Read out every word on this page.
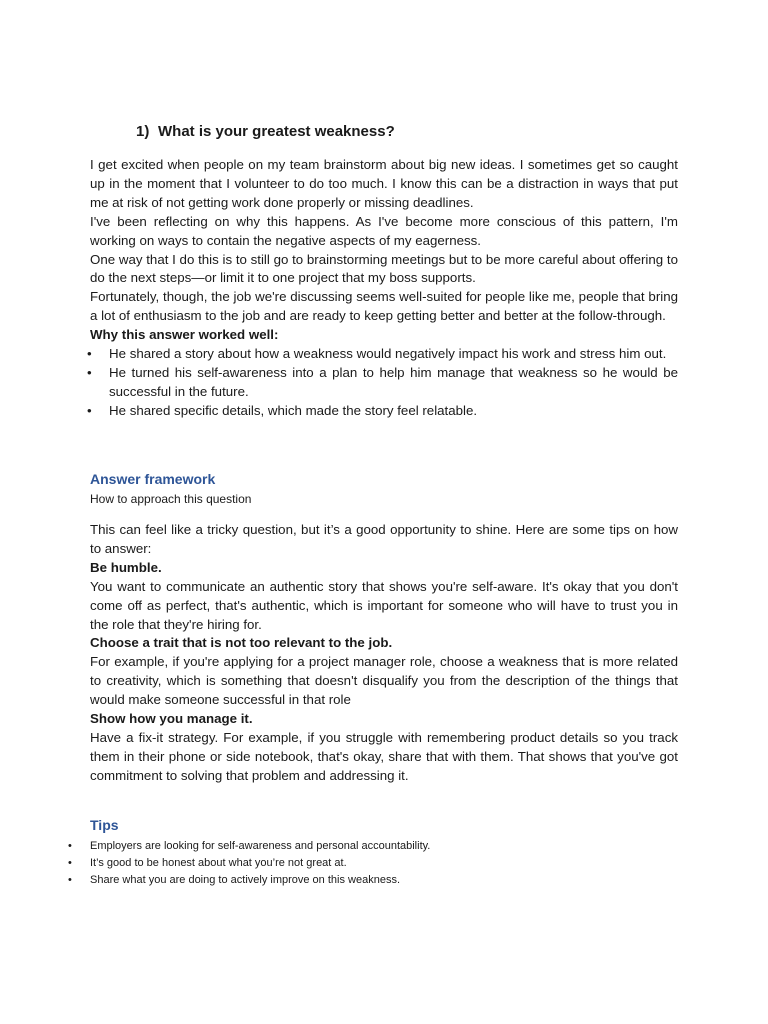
1) What is your greatest weakness?

I get excited when people on my team brainstorm about big new ideas. I sometimes get so caught up in the moment that I volunteer to do too much. I know this can be a distraction in ways that put me at risk of not getting work done properly or missing deadlines.

I've been reflecting on why this happens. As I've become more conscious of this pattern, I'm working on ways to contain the negative aspects of my eagerness.

One way that I do this is to still go to brainstorming meetings but to be more careful about offering to do the next steps—or limit it to one project that my boss supports.

Fortunately, though, the job we're discussing seems well-suited for people like me, people that bring a lot of enthusiasm to the job and are ready to keep getting better and better at the follow-through.

Why this answer worked well:

• He shared a story about how a weakness would negatively impact his work and stress him out.
• He turned his self-awareness into a plan to help him manage that weakness so he would be successful in the future.
• He shared specific details, which made the story feel relatable.
Answer framework

How to approach this question

This can feel like a tricky question, but it’s a good opportunity to shine. Here are some tips on how to answer:

Be humble.

You want to communicate an authentic story that shows you're self-aware. It's okay that you don't come off as perfect, that's authentic, which is important for someone who will have to trust you in the role that they're hiring for.

Choose a trait that is not too relevant to the job.

For example, if you're applying for a project manager role, choose a weakness that is more related to creativity, which is something that doesn't disqualify you from the description of the things that would make someone successful in that role

Show how you manage it.

Have a fix-it strategy. For example, if you struggle with remembering product details so you track them in their phone or side notebook, that's okay, share that with them. That shows that you've got commitment to solving that problem and addressing it.

Tips
• Employers are looking for self-awareness and personal accountability.
• It’s good to be honest about what you’re not great at.
• Share what you are doing to actively improve on this weakness.
